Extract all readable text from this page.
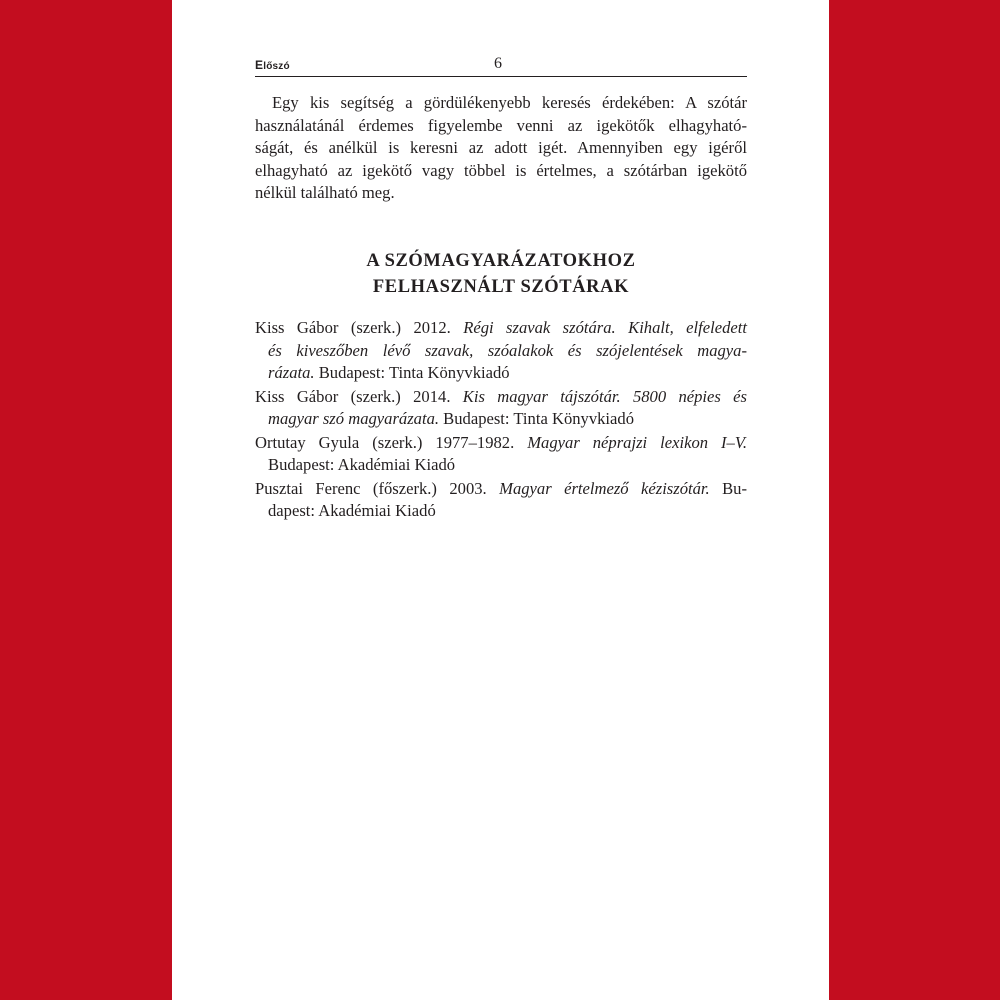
Előszó	6

Egy kis segítség a gördülékenyebb keresés érdekében: A szótár
használatánál érdemes figyelembe venni az igekötők elhagyható-
ságát, és anélkül is keresni az adott igét. Amennyiben egy igéről
elhagyható az igekötő vagy többel is értelmes, a szótárban igekötő
nélkül található meg.

A SZÓMAGYARÁZATOKHOZ
FELHASZNÁLT SZÓTÁRAK

Kiss Gábor (szerk.) 2012. Régi szavak szótára. Kihalt, elfeledett
és kiveszőben lévő szavak, szóalakok és szójelentések magya-
rázata. Budapest: Tinta Könyvkiadó

Kiss Gábor (szerk.) 2014. Kis magyar tájszótár. 5800 népies és
magyar szó magyarázata. Budapest: Tinta Könyvkiadó

Ortutay Gyula (szerk.) 1977–1982. Magyar néprajzi lexikon I–V.
Budapest: Akadémiai Kiadó

Pusztai Ferenc (főszerk.) 2003. Magyar értelmező kéziszótár. Bu-
dapest: Akadémiai Kiadó
